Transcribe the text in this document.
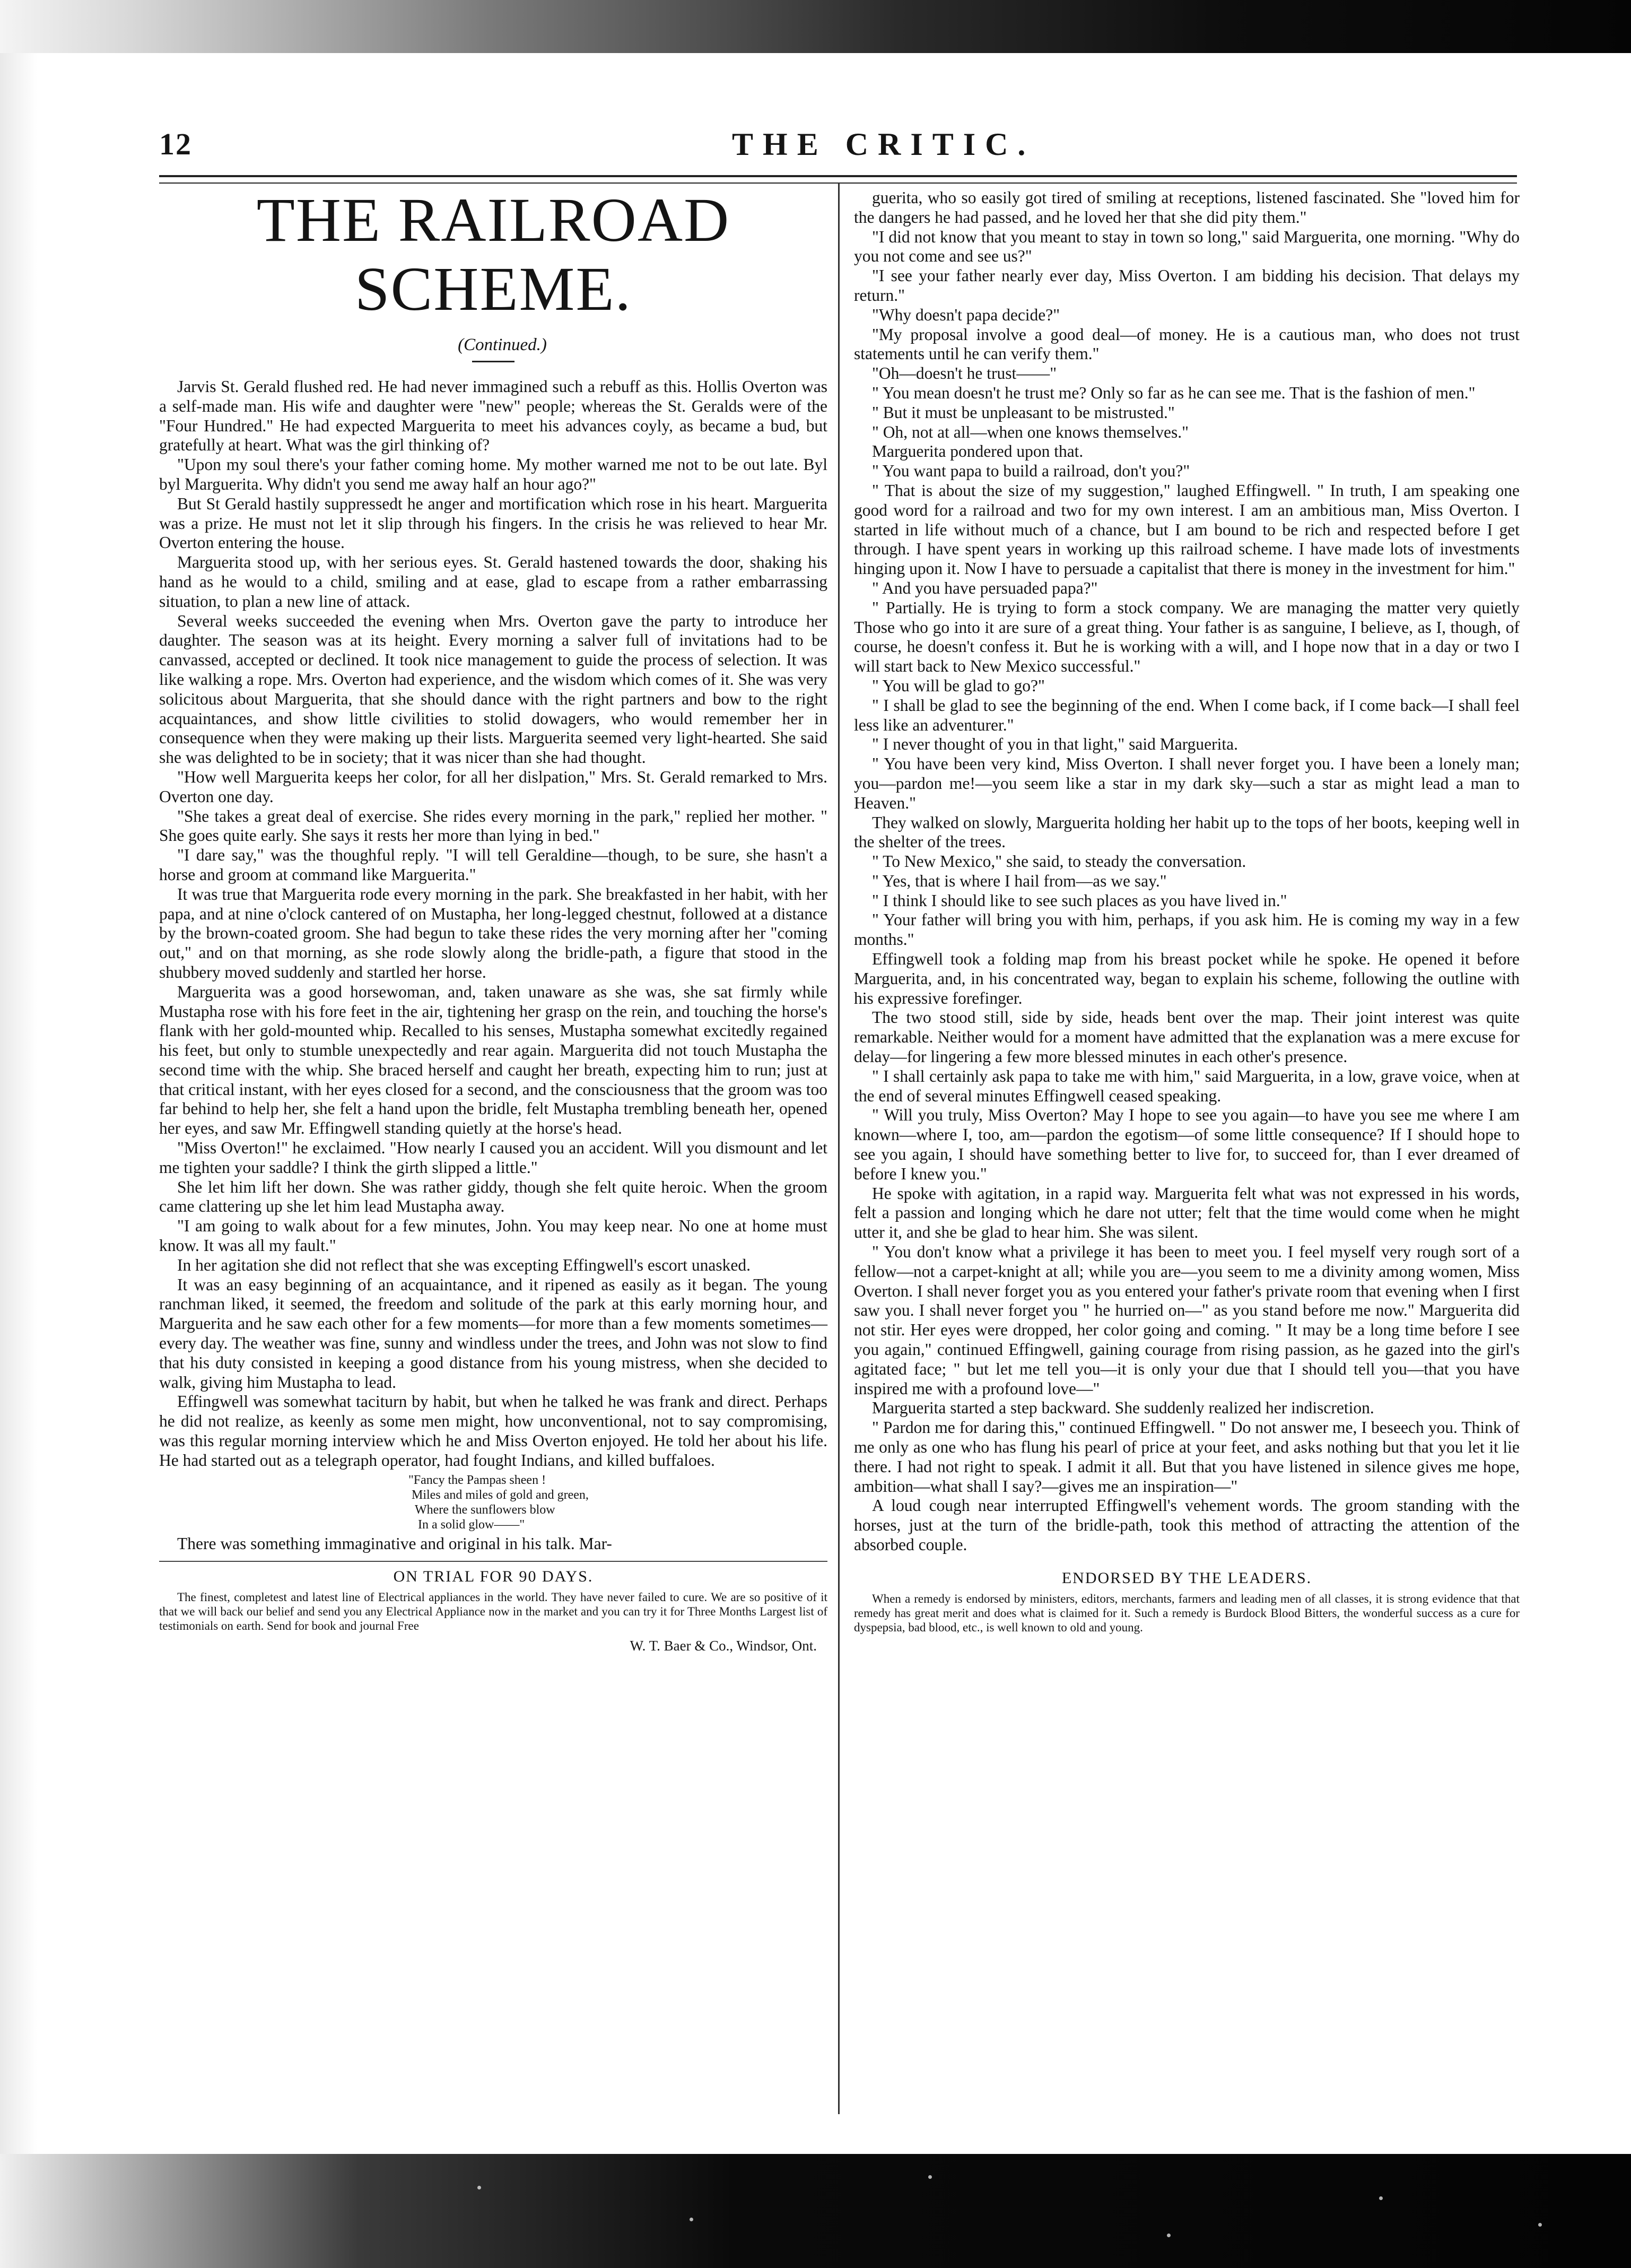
12	THE CRITIC.
THE RAILROAD SCHEME.

(Continued.)

Jarvis St. Gerald flushed red. He had never immagined such a rebuff as this. Hollis Overton was a self-made man. His wife and daughter were "new" people; whereas the St. Geralds were of the "Four Hundred." He had expected Marguerita to meet his advances coyly, as became a bud, but gratefully at heart. What was the girl thinking of?

"Upon my soul there's your father coming home. My mother warned me not to be out late. Byl byl Marguerita. Why didn't you send me away half an hour ago?"

But St Gerald hastily suppressedt he anger and mortification which rose in his heart. Marguerita was a prize. He must not let it slip through his fingers. In the crisis he was relieved to hear Mr. Overton entering the house.

Marguerita stood up, with her serious eyes. St. Gerald hastened towards the door, shaking his hand as he would to a child, smiling and at ease, glad to escape from a rather embarrassing situation, to plan a new line of attack.

Several weeks succeeded the evening when Mrs. Overton gave the party to introduce her daughter. The season was at its height. Every morning a salver full of invitations had to be canvassed, accepted or declined. It took nice management to guide the process of selection. It was like walking a rope. Mrs. Overton had experience, and the wisdom which comes of it. She was very solicitous about Marguerita, that she should dance with the right partners and bow to the right acquaintances, and show little civilities to stolid dowagers, who would remember her in consequence when they were making up their lists. Marguerita seemed very light-hearted. She said she was delighted to be in society; that it was nicer than she had thought.

"How well Marguerita keeps her color, for all her dislpation," Mrs. St. Gerald remarked to Mrs. Overton one day.

"She takes a great deal of exercise. She rides every morning in the park," replied her mother. " She goes quite early. She says it rests her more than lying in bed."

"I dare say," was the thoughful reply. "I will tell Geraldine—though, to be sure, she hasn't a horse and groom at command like Marguerita."

It was true that Marguerita rode every morning in the park. She breakfasted in her habit, with her papa, and at nine o'clock cantered of on Mustapha, her long-legged chestnut, followed at a distance by the brown-coated groom. She had begun to take these rides the very morning after her "coming out," and on that morning, as she rode slowly along the bridle-path, a figure that stood in the shubbery moved suddenly and startled her horse.

Marguerita was a good horsewoman, and, taken unaware as she was, she sat firmly while Mustapha rose with his fore feet in the air, tightening her grasp on the rein, and touching the horse's flank with her gold-mounted whip. Recalled to his senses, Mustapha somewhat excitedly regained his feet, but only to stumble unexpectedly and rear again. Marguerita did not touch Mustapha the second time with the whip. She braced herself and caught her breath, expecting him to run; just at that critical instant, with her eyes closed for a second, and the consciousness that the groom was too far behind to help her, she felt a hand upon the bridle, felt Mustapha trembling beneath her, opened her eyes, and saw Mr. Effingwell standing quietly at the horse's head.

"Miss Overton!" he exclaimed. "How nearly I caused you an accident. Will you dismount and let me tighten your saddle? I think the girth slipped a little."

She let him lift her down. She was rather giddy, though she felt quite heroic. When the groom came clattering up she let him lead Mustapha away.

"I am going to walk about for a few minutes, John. You may keep near. No one at home must know. It was all my fault."

In her agitation she did not reflect that she was excepting Effingwell's escort unasked.

It was an easy beginning of an acquaintance, and it ripened as easily as it began. The young ranchman liked, it seemed, the freedom and solitude of the park at this early morning hour, and Marguerita and he saw each other for a few moments—for more than a few moments sometimes—every day. The weather was fine, sunny and windless under the trees, and John was not slow to find that his duty consisted in keeping a good distance from his young mistress, when she decided to walk, giving him Mustapha to lead.

Effingwell was somewhat taciturn by habit, but when he talked he was frank and direct. Perhaps he did not realize, as keenly as some men might, how unconventional, not to say compromising, was this regular morning interview which he and Miss Overton enjoyed. He told her about his life. He had started out as a telegraph operator, had fought Indians, and killed buffaloes.

"Fancy the Pampas sheen !
Miles and miles of gold and green,
Where the sunflowers blow
In a solid glow——"

There was something immaginative and original in his talk. Mar-

ON TRIAL FOR 90 DAYS.

The finest, completest and latest line of Electrical appliances in the world. They have never failed to cure. We are so positive of it that we will back our belief and send you any Electrical Appliance now in the market and you can try it for Three Months Largest list of testimonials on earth. Send for book and journal Free

W. T. Baer & Co., Windsor, Ont.

guerita, who so easily got tired of smiling at receptions, listened fascinated. She "loved him for the dangers he had passed, and he loved her that she did pity them."

"I did not know that you meant to stay in town so long," said Marguerita, one morning. "Why do you not come and see us?"

"I see your father nearly ever day, Miss Overton. I am bidding his decision. That delays my return."

"Why doesn't papa decide?"

"My proposal involve a good deal—of money. He is a cautious man, who does not trust statements until he can verify them."

"Oh—doesn't he trust——"

" You mean doesn't he trust me? Only so far as he can see me. That is the fashion of men."

" But it must be unpleasant to be mistrusted."

" Oh, not at all—when one knows themselves."

Marguerita pondered upon that.

" You want papa to build a railroad, don't you?"

" That is about the size of my suggestion," laughed Effingwell. " In truth, I am speaking one good word for a railroad and two for my own interest. I am an ambitious man, Miss Overton. I started in life without much of a chance, but I am bound to be rich and respected before I get through. I have spent years in working up this railroad scheme. I have made lots of investments hinging upon it. Now I have to persuade a capitalist that there is money in the investment for him."

" And you have persuaded papa?"

" Partially. He is trying to form a stock company. We are managing the matter very quietly Those who go into it are sure of a great thing. Your father is as sanguine, I believe, as I, though, of course, he doesn't confess it. But he is working with a will, and I hope now that in a day or two I will start back to New Mexico successful."

" You will be glad to go?"

" I shall be glad to see the beginning of the end. When I come back, if I come back—I shall feel less like an adventurer."

" I never thought of you in that light," said Marguerita.

" You have been very kind, Miss Overton. I shall never forget you. I have been a lonely man; you—pardon me!—you seem like a star in my dark sky—such a star as might lead a man to Heaven."

They walked on slowly, Marguerita holding her habit up to the tops of her boots, keeping well in the shelter of the trees.

" To New Mexico," she said, to steady the conversation.

" Yes, that is where I hail from—as we say."

" I think I should like to see such places as you have lived in."

" Your father will bring you with him, perhaps, if you ask him. He is coming my way in a few months."

Effingwell took a folding map from his breast pocket while he spoke. He opened it before Marguerita, and, in his concentrated way, began to explain his scheme, following the outline with his expressive forefinger.

The two stood still, side by side, heads bent over the map. Their joint interest was quite remarkable. Neither would for a moment have admitted that the explanation was a mere excuse for delay—for lingering a few more blessed minutes in each other's presence.

" I shall certainly ask papa to take me with him," said Marguerita, in a low, grave voice, when at the end of several minutes Effingwell ceased speaking.

" Will you truly, Miss Overton? May I hope to see you again—to have you see me where I am known—where I, too, am—pardon the egotism—of some little consequence? If I should hope to see you again, I should have something better to live for, to succeed for, than I ever dreamed of before I knew you."

He spoke with agitation, in a rapid way. Marguerita felt what was not expressed in his words, felt a passion and longing which he dare not utter; felt that the time would come when he might utter it, and she be glad to hear him. She was silent.

" You don't know what a privilege it has been to meet you. I feel myself very rough sort of a fellow—not a carpet-knight at all; while you are—you seem to me a divinity among women, Miss Overton. I shall never forget you as you entered your father's private room that evening when I first saw you. I shall never forget you " he hurried on—" as you stand before me now." Marguerita did not stir. Her eyes were dropped, her color going and coming. " It may be a long time before I see you again," continued Effingwell, gaining courage from rising passion, as he gazed into the girl's agitated face; " but let me tell you—it is only your due that I should tell you—that you have inspired me with a profound love—"

Marguerita started a step backward. She suddenly realized her indiscretion.

" Pardon me for daring this," continued Effingwell. " Do not answer me, I beseech you. Think of me only as one who has flung his pearl of price at your feet, and asks nothing but that you let it lie there. I had not right to speak. I admit it all. But that you have listened in silence gives me hope, ambition—what shall I say?—gives me an inspiration—"

A loud cough near interrupted Effingwell's vehement words. The groom standing with the horses, just at the turn of the bridle-path, took this method of attracting the attention of the absorbed couple.

ENDORSED BY THE LEADERS.

When a remedy is endorsed by ministers, editors, merchants, farmers and leading men of all classes, it is strong evidence that that remedy has great merit and does what is claimed for it. Such a remedy is Burdock Blood Bitters, the wonderful success as a cure for dyspepsia, bad blood, etc., is well known to old and young.
